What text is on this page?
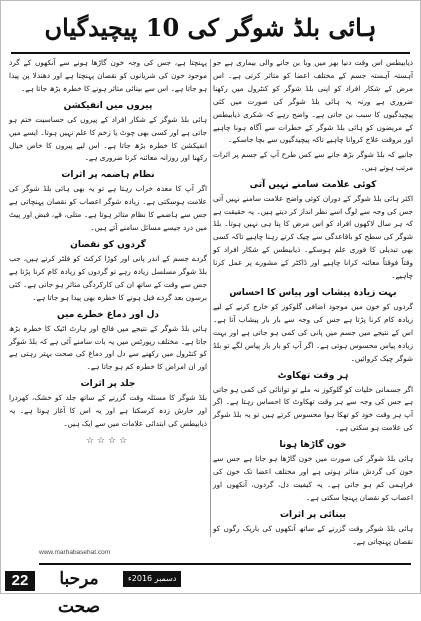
ہائی بلڈ شوگر کی 10 پیچیدگیاں

ذیابیطس اس وقت دنیا بھر میں وبا بن جانے والی بیماری ہے جو آہستہ آہستہ جسم کے مختلف اعضا کو متاثر کرتی ہے۔ اس مرض کے شکار افراد کو اپنی بلڈ شوگر کو کنٹرول میں رکھنا ضروری ہے ورنہ یہ ہائی بلڈ شوگر کی صورت میں کئی پیچیدگیوں کا سبب بن جاتی ہے۔ واضح رہے کہ شکری ذیابیطس کے مریضوں کو ہائی بلڈ شوگر کے خطرات سے آگاہ ہونا چاہیے اور بروقت علاج کروانا چاہیے تاکہ پیچیدگیوں سے بچا جاسکے۔

جانیے کہ بلڈ شوگر بڑھ جانے سے کس طرح آپ کے جسم پر اثرات مرتب ہوتے ہیں۔

کوئی علامت سامنے نہیں آتی

اکثر ہائی بلڈ شوگر کے دوران کوئی واضح علامت سامنے نہیں آتی جس کی وجہ سے لوگ اسے نظر انداز کر دیتے ہیں۔ یہ حقیقت ہے کہ ہر سال لاکھوں افراد کو اس مرض کا پتا ہی نہیں ہوتا۔ بلڈ شوگر کی سطح کو باقاعدگی سے چیک کرتے رہنا چاہیے تاکہ کسی بھی تبدیلی کا فوری علم ہوسکے۔ ذیابیطس کے شکار افراد کو وقتاً فوقتاً معائنہ کرانا چاہیے اور ڈاکٹر کے مشورے پر عمل کرنا چاہیے۔

بہت زیادہ پیشاب اور پیاس کا احساس

گردوں کو خون میں موجود اضافی گلوکوز کو خارج کرنے کے لیے زیادہ کام کرنا پڑتا ہے جس کی وجہ سے بار بار پیشاب آتا ہے۔ اس کے نتیجے میں جسم میں پانی کی کمی ہو جاتی ہے اور بہت زیادہ پیاس محسوس ہوتی ہے۔ اگر آپ کو بار بار پیاس لگے تو بلڈ شوگر چیک کروائیں۔

ہر وقت تھکاوٹ

اگر جسمانی خلیات کو گلوکوز نہ ملے تو توانائی کی کمی ہو جاتی ہے جس کی وجہ سے ہر وقت تھکاوٹ کا احساس رہتا ہے۔ اگر آپ ہر وقت خود کو تھکا ہوا محسوس کرتے ہیں تو یہ بلڈ شوگر کی علامت ہو سکتی ہے۔

خون گاڑھا ہونا

ہائی بلڈ شوگر کی صورت میں خون گاڑھا ہو جاتا ہے جس سے خون کی گردش متاثر ہوتی ہے اور مختلف اعضا تک خون کی فراہمی کم ہو جاتی ہے۔ یہ کیفیت دل، گردوں، آنکھوں اور اعصاب کو نقصان پہنچا سکتی ہے۔

بینائی پر اثرات

ہائی بلڈ شوگر وقت گزرنے کے ساتھ آنکھوں کی باریک رگوں کو نقصان پہنچاتی ہے۔

پہنچتا ہے، جس کی وجہ خون گاڑھا ہونے سے آنکھوں کے گرد موجود خون کی شریانوں کو نقصان پہنچتا ہے اور دھندلا پن پیدا ہو جاتا ہے۔ اس سے بینائی متاثر ہونے کا خطرہ بڑھ جاتا ہے۔

پیروں میں انفیکشن

ہائی بلڈ شوگر کے شکار افراد کے پیروں کی حساسیت ختم ہو جاتی ہے اور کسی بھی چوٹ یا زخم کا علم نہیں ہوتا۔ ایسے میں انفیکشن کا خطرہ بڑھ جاتا ہے۔ اس لیے پیروں کا خاص خیال رکھنا اور روزانہ معائنہ کرنا ضروری ہے۔

نظام ہاضمہ پر اثرات

اگر آپ کا معدہ خراب رہتا ہے تو یہ بھی ہائی بلڈ شوگر کی علامت ہوسکتی ہے۔ زیادہ شوگر اعصاب کو نقصان پہنچاتی ہے جس سے ہاضمے کا نظام متاثر ہوتا ہے۔ متلی، قے، قبض اور پیٹ میں درد جیسے مسائل سامنے آتے ہیں۔

گردوں کو نقصان

گردے جسم کے اندر پانی اور کوڑا کرکٹ کو فلٹر کرتے ہیں، جب بلڈ شوگر مسلسل زیادہ رہے تو گردوں کو زیادہ کام کرنا پڑتا ہے جس سے وقت کے ساتھ ان کی کارکردگی متاثر ہو جاتی ہے۔ کئی برسوں بعد گردے فیل ہونے کا خطرہ بھی پیدا ہو جاتا ہے۔

دل اور دماغ خطرے میں

ہائی بلڈ شوگر کے نتیجے میں فالج اور ہارٹ اٹیک کا خطرہ بڑھ جاتا ہے۔ مختلف رپورٹس میں یہ بات سامنے آئی ہے کہ بلڈ شوگر کو کنٹرول میں رکھنے سے دل اور دماغ کی صحت بہتر رہتی ہے اور ان امراض کا خطرہ کم ہو جاتا ہے۔

جلد پر اثرات

بلڈ شوگر کا مسئلہ وقت گزرنے کے ساتھ جلد کو خشک، کھردرا اور خارش زدہ کرسکتا ہے اور یہ اس کا آغاز ہوتا ہے۔ یہ ذیابیطس کی ابتدائی علامات میں سے ایک ہیں۔

☆☆☆☆
www.marhabasehat.com
22	مرحبا صحت
دسمبر 2016ء
